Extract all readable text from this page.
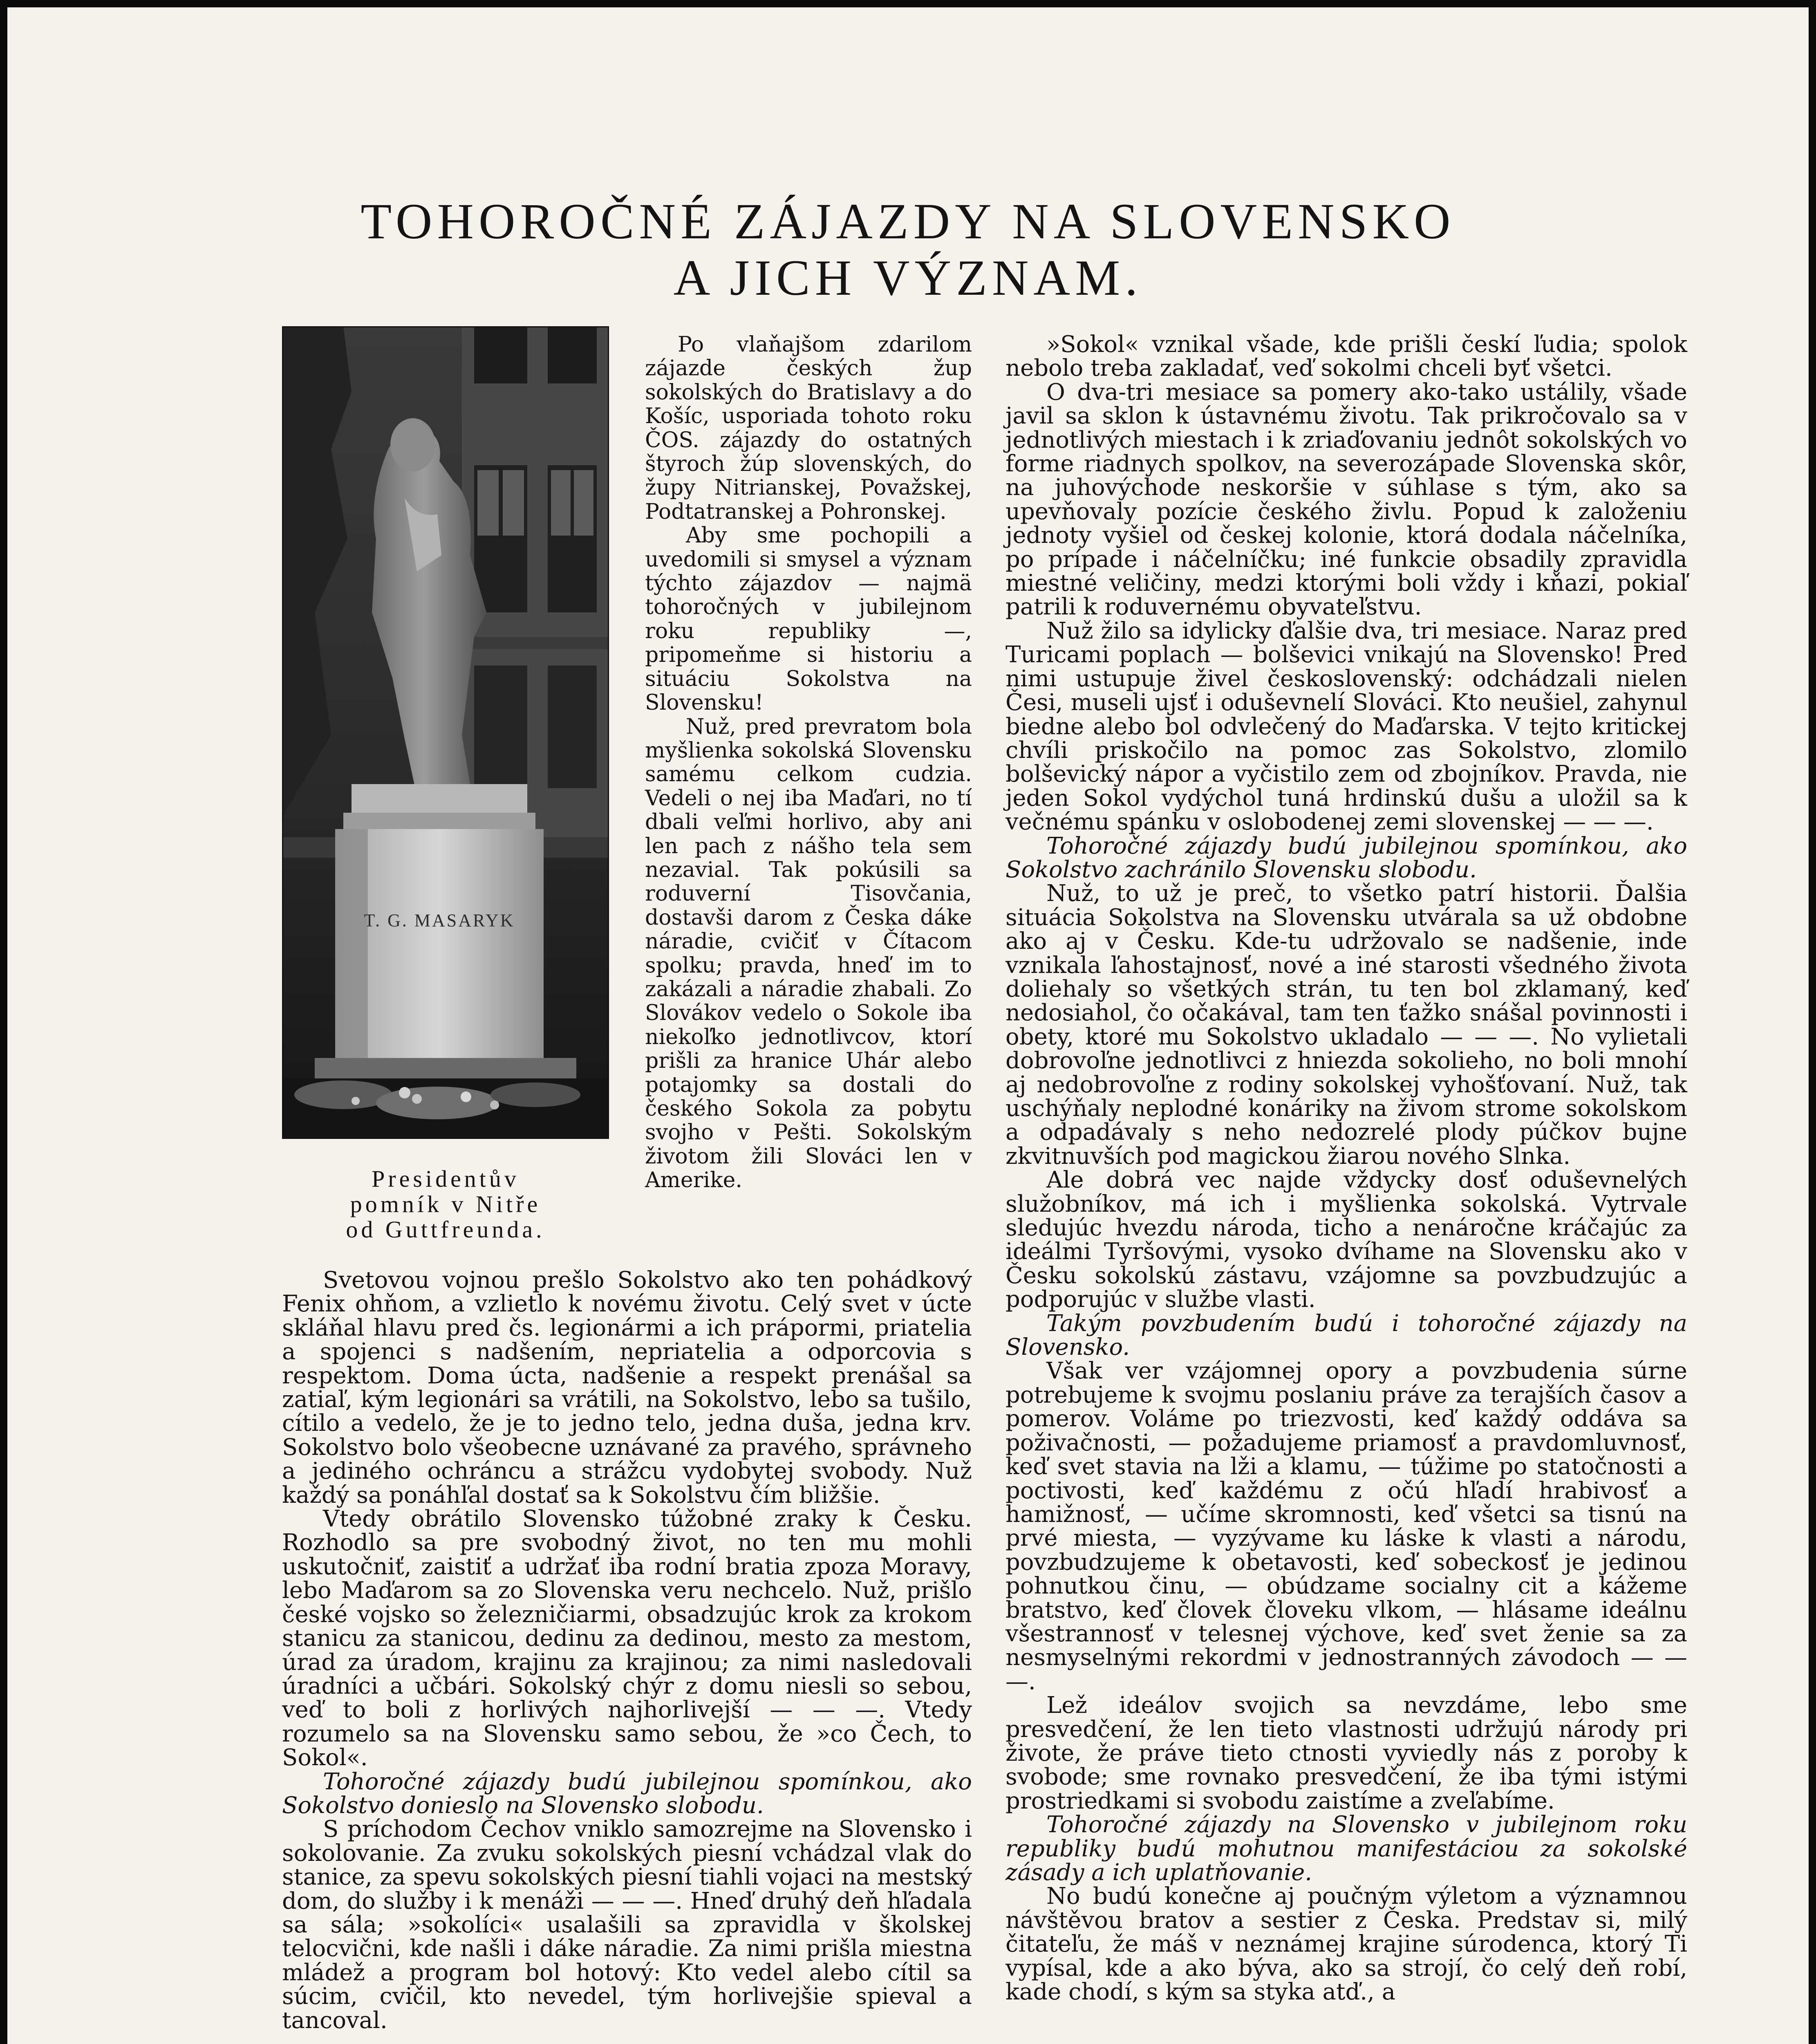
TOHOROČNÉ ZÁJAZDY NA SLOVENSKO
A JICH VÝZNAM.
T. G. MASARYK
Presidentův
pomník v Nitře
od Guttfreunda.

Po vlaňajšom zdarilom zájazde českých žup sokolských do Bratislavy a do Košíc, usporiada tohoto roku ČOS. zájazdy do ostatných štyroch žúp slovenských, do župy Nitrianskej, Považskej, Podtatranskej a Pohronskej.

Aby sme pochopili a uvedomili si smysel a význam týchto zájazdov — najmä tohoročných v jubilejnom roku republiky —, pripomeňme si historiu a situáciu Sokolstva na Slovensku!

Nuž, pred prevratom bola myšlienka sokolská Slovensku samému celkom cudzia. Vedeli o nej iba Maďari, no tí dbali veľmi horlivo, aby ani len pach z nášho tela sem nezavial. Tak pokúsili sa roduverní Tisovčania, dostavši darom z Česka dáke náradie, cvičiť v Čítacom spolku; pravda, hneď im to zakázali a náradie zhabali. Zo Slovákov vedelo o Sokole iba niekoľko jednotlivcov, ktorí prišli za hranice Uhár alebo potajomky sa dostali do českého Sokola za pobytu svojho v Pešti. Sokolským životom žili Slováci len v Amerike.

Svetovou vojnou prešlo Sokolstvo ako ten pohádkový Fenix ohňom, a vzlietlo k novému životu. Celý svet v úcte skláňal hlavu pred čs. legionármi a ich prápormi, priatelia a spojenci s nadšením, nepriatelia a odporcovia s respektom. Doma úcta, nadšenie a respekt prenášal sa zatiaľ, kým legionári sa vrátili, na Sokolstvo, lebo sa tušilo, cítilo a vedelo, že je to jedno telo, jedna duša, jedna krv. Sokolstvo bolo všeobecne uznávané za pravého, správneho a jediného ochráncu a strážcu vydobytej svobody. Nuž každý sa ponáhľal dostať sa k Sokolstvu čím bližšie.

Vtedy obrátilo Slovensko túžobné zraky k Česku. Rozhodlo sa pre svobodný život, no ten mu mohli uskutočniť, zaistiť a udržať iba rodní bratia zpoza Moravy, lebo Maďarom sa zo Slovenska veru nechcelo. Nuž, prišlo české vojsko so železničiarmi, obsadzujúc krok za krokom stanicu za stanicou, dedinu za dedinou, mesto za mestom, úrad za úradom, krajinu za krajinou; za nimi nasledovali úradníci a učbári. Sokolský chýr z domu niesli so sebou, veď to boli z horlivých najhorlivejší — — —. Vtedy rozumelo sa na Slovensku samo sebou, že »co Čech, to Sokol«.

Tohoročné zájazdy budú jubilejnou spomínkou, ako Sokolstvo donieslo na Slovensko slobodu.

S príchodom Čechov vniklo samozrejme na Slovensko i sokolovanie. Za zvuku sokolských piesní vchádzal vlak do stanice, za spevu sokolských piesní tiahli vojaci na mestský dom, do služby i k menáži — — —. Hneď druhý deň hľadala sa sála; »sokolíci« usalašili sa zpravidla v školskej telocvični, kde našli i dáke náradie. Za nimi prišla miestna mládež a program bol hotový: Kto vedel alebo cítil sa súcim, cvičil, kto nevedel, tým horlivejšie spieval a tancoval.

»Sokol« vznikal všade, kde prišli českí ľudia; spolok nebolo treba zakladať, veď sokolmi chceli byť všetci.

O dva-tri mesiace sa pomery ako-tako ustálily, všade javil sa sklon k ústavnému životu. Tak prikročovalo sa v jednotlivých miestach i k zriaďovaniu jednôt sokolských vo forme riadnych spolkov, na severozápade Slovenska skôr, na juhovýchode neskoršie v súhlase s tým, ako sa upevňovaly pozície českého živlu. Popud k založeniu jednoty vyšiel od českej kolonie, ktorá dodala náčelníka, po prípade i náčelníčku; iné funkcie obsadily zpravidla miestné veličiny, medzi ktorými boli vždy i kňazi, pokiaľ patrili k roduvernému obyvateľstvu.

Nuž žilo sa idylicky ďalšie dva, tri mesiace. Naraz pred Turicami poplach — bolševici vnikajú na Slovensko! Pred nimi ustupuje živel československý: odchádzali nielen Česi, museli ujsť i oduševnelí Slováci. Kto neušiel, zahynul biedne alebo bol odvlečený do Maďarska. V tejto kritickej chvíli priskočilo na pomoc zas Sokolstvo, zlomilo bolševický nápor a vyčistilo zem od zbojníkov. Pravda, nie jeden Sokol vydýchol tuná hrdinskú dušu a uložil sa k večnému spánku v oslobodenej zemi slovenskej — — —.

Tohoročné zájazdy budú jubilejnou spomínkou, ako Sokolstvo zachránilo Slovensku slobodu.

Nuž, to už je preč, to všetko patrí historii. Ďalšia situácia Sokolstva na Slovensku utvárala sa už obdobne ako aj v Česku. Kde-tu udržovalo se nadšenie, inde vznikala ľahostajnosť, nové a iné starosti všedného života doliehaly so všetkých strán, tu ten bol zklamaný, keď nedosiahol, čo očakával, tam ten ťažko snášal povinnosti i obety, ktoré mu Sokolstvo ukladalo — — —. No vylietali dobrovoľne jednotlivci z hniezda sokolieho, no boli mnohí aj nedobrovoľne z rodiny sokolskej vyhošťovaní. Nuž, tak uschýňaly neplodné konáriky na živom strome sokolskom a odpadávaly s neho nedozrelé plody púčkov bujne zkvitnuvších pod magickou žiarou nového Slnka.

Ale dobrá vec najde vždycky dosť oduševnelých služobníkov, má ich i myšlienka sokolská. Vytrvale sledujúc hvezdu národa, ticho a nenáročne kráčajúc za ideálmi Tyršovými, vysoko dvíhame na Slovensku ako v Česku sokolskú zástavu, vzájomne sa povzbudzujúc a podporujúc v službe vlasti.

Takým povzbudením budú i tohoročné zájazdy na Slovensko.

Však ver vzájomnej opory a povzbudenia súrne potrebujeme k svojmu poslaniu práve za terajších časov a pomerov. Voláme po triezvosti, keď každý oddáva sa poživačnosti, — požadujeme priamosť a pravdomluvnosť, keď svet stavia na lži a klamu, — túžime po statočnosti a poctivosti, keď každému z očú hľadí hrabivosť a hamižnosť, — učíme skromnosti, keď všetci sa tisnú na prvé miesta, — vyzývame ku láske k vlasti a národu, povzbudzujeme k obetavosti, keď sobeckosť je jedinou pohnutkou činu, — obúdzame socialny cit a kážeme bratstvo, keď človek človeku vlkom, — hlásame ideálnu všestrannosť v telesnej výchove, keď svet ženie sa za nesmyselnými rekordmi v jednostranných závodoch — — —.

Lež ideálov svojich sa nevzdáme, lebo sme presvedčení, že len tieto vlastnosti udržujú národy pri živote, že práve tieto ctnosti vyviedly nás z poroby k svobode; sme rovnako presvedčení, že iba tými istými prostriedkami si svobodu zaistíme a zveľabíme.

Tohoročné zájazdy na Slovensko v jubilejnom roku republiky budú mohutnou manifestáciou za sokolské zásady a ich uplatňovanie.

No budú konečne aj poučným výletom a významnou návštěvou bratov a sestier z Česka. Predstav si, milý čitateľu, že máš v neznámej krajine súrodenca, ktorý Ti vypísal, kde a ako býva, ako sa strojí, čo celý deň robí, kade chodí, s kým sa styka atď., a
